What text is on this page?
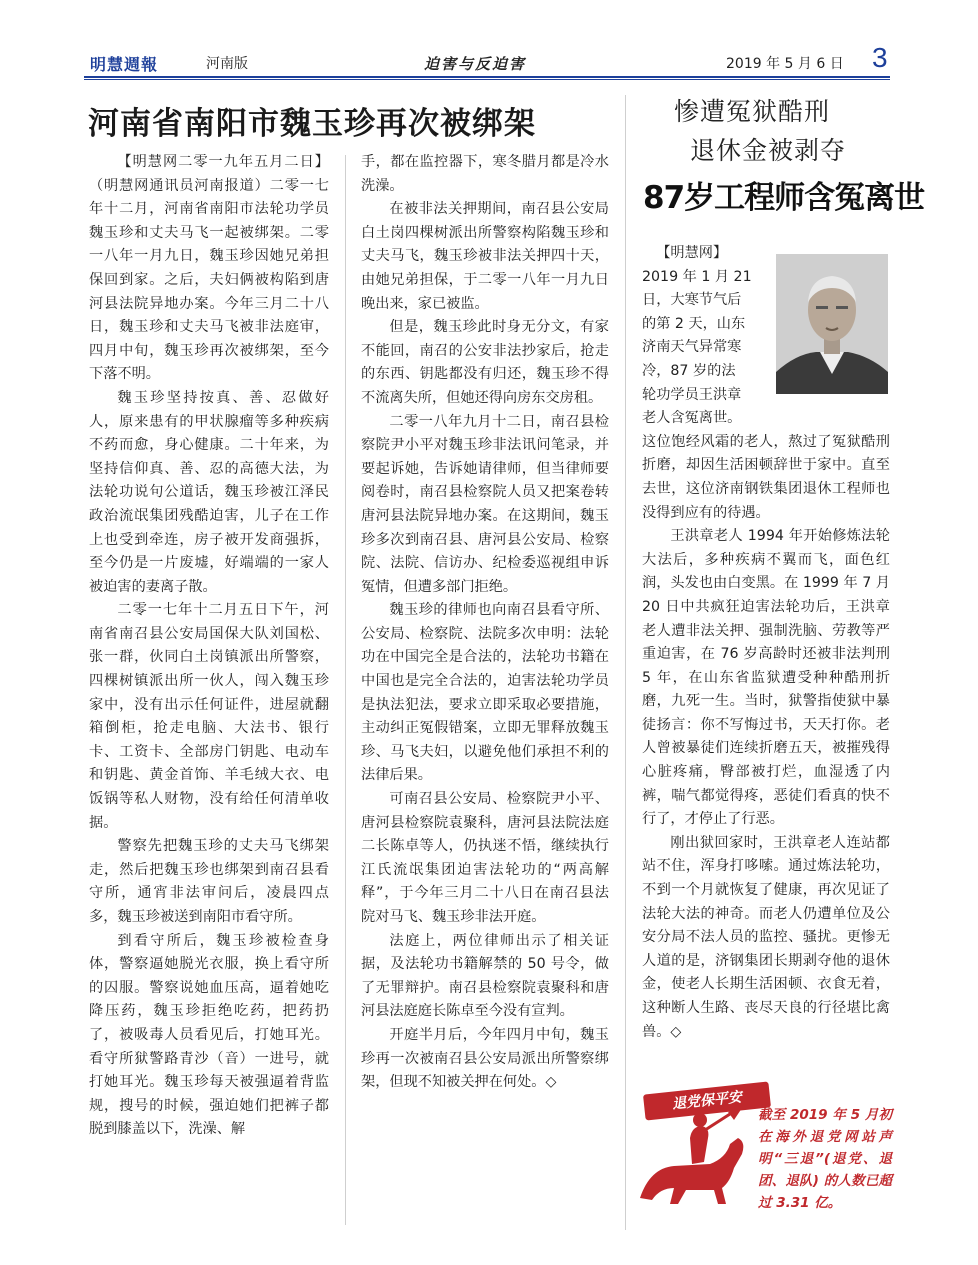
明慧週報	河南版	迫害与反迫害	2019 年 5 月 6 日 3
河南省南阳市魏玉珍再次被绑架

【明慧网二零一九年五月二日】（明慧网通讯员河南报道）二零一七年十二月，河南省南阳市法轮功学员魏玉珍和丈夫马飞一起被绑架。二零一八年一月九日，魏玉珍因她兄弟担保回到家。之后，夫妇俩被构陷到唐河县法院异地办案。今年三月二十八日，魏玉珍和丈夫马飞被非法庭审，四月中旬，魏玉珍再次被绑架，至今下落不明。

魏玉珍坚持按真、善、忍做好人，原来患有的甲状腺瘤等多种疾病不药而愈，身心健康。二十年来，为坚持信仰真、善、忍的高德大法，为法轮功说句公道话，魏玉珍被江泽民政治流氓集团残酷迫害，儿子在工作上也受到牵连，房子被开发商强拆，至今仍是一片废墟，好端端的一家人被迫害的妻离子散。

二零一七年十二月五日下午，河南省南召县公安局国保大队刘国松、张一群，伙同白土岗镇派出所警察，四棵树镇派出所一伙人，闯入魏玉珍家中，没有出示任何证件，进屋就翻箱倒柜，抢走电脑、大法书、银行卡、工资卡、全部房门钥匙、电动车和钥匙、黄金首饰、羊毛绒大衣、电饭锅等私人财物，没有给任何清单收据。

警察先把魏玉珍的丈夫马飞绑架走，然后把魏玉珍也绑架到南召县看守所，通宵非法审问后，凌晨四点多，魏玉珍被送到南阳市看守所。

到看守所后，魏玉珍被检查身体，警察逼她脱光衣服，换上看守所的囚服。警察说她血压高，逼着她吃降压药，魏玉珍拒绝吃药，把药扔了，被吸毒人员看见后，打她耳光。看守所狱警路青沙（音）一进号，就打她耳光。魏玉珍每天被强逼着背监规，搜号的时候，强迫她们把裤子都脱到膝盖以下，洗澡、解

手，都在监控器下，寒冬腊月都是冷水洗澡。

在被非法关押期间，南召县公安局白土岗四棵树派出所警察构陷魏玉珍和丈夫马飞，魏玉珍被非法关押四十天，由她兄弟担保，于二零一八年一月九日晚出来，家已被监。

但是，魏玉珍此时身无分文，有家不能回，南召的公安非法抄家后，抢走的东西、钥匙都没有归还，魏玉珍不得不流离失所，但她还得向房东交房租。

二零一八年九月十二日，南召县检察院尹小平对魏玉珍非法讯问笔录，并要起诉她，告诉她请律师，但当律师要阅卷时，南召县检察院人员又把案卷转唐河县法院异地办案。在这期间，魏玉珍多次到南召县、唐河县公安局、检察院、法院、信访办、纪检委巡视组申诉冤情，但遭多部门拒绝。

魏玉珍的律师也向南召县看守所、公安局、检察院、法院多次申明：法轮功在中国完全是合法的，法轮功书籍在中国也是完全合法的，迫害法轮功学员是执法犯法，要求立即采取必要措施，主动纠正冤假错案，立即无罪释放魏玉珍、马飞夫妇，以避免他们承担不利的法律后果。

可南召县公安局、检察院尹小平、唐河县检察院袁聚科，唐河县法院法庭二长陈卓等人，仍执迷不悟，继续执行江氏流氓集团迫害法轮功的“两高解释”，于今年三月二十八日在南召县法院对马飞、魏玉珍非法开庭。

法庭上，两位律师出示了相关证据，及法轮功书籍解禁的 50 号令，做了无罪辩护。南召县检察院袁聚科和唐河县法庭庭长陈卓至今没有宣判。

开庭半月后，今年四月中旬，魏玉珍再一次被南召县公安局派出所警察绑架，但现不知被关押在何处。◇

惨遭冤狱酷刑
退休金被剥夺
87岁工程师含冤离世
【明慧网】
2019 年 1 月 21
日，大寒节气后
的第 2 天，山东
济南天气异常寒
冷，87 岁的法
轮功学员王洪章
老人含冤离世。

这位饱经风霜的老人，熬过了冤狱酷刑折磨，却因生活困顿辞世于家中。直至去世，这位济南钢铁集团退休工程师也没得到应有的待遇。

王洪章老人 1994 年开始修炼法轮大法后，多种疾病不翼而飞，面色红润，头发也由白变黑。在 1999 年 7 月 20 日中共疯狂迫害法轮功后，王洪章老人遭非法关押、强制洗脑、劳教等严重迫害，在 76 岁高龄时还被非法判刑 5 年，在山东省监狱遭受种种酷刑折磨，九死一生。当时，狱警指使狱中暴徒扬言：你不写悔过书，天天打你。老人曾被暴徒们连续折磨五天，被摧残得心脏疼痛，臀部被打烂，血湿透了内裤，喘气都觉得疼，恶徒们看真的快不行了，才停止了行恶。

刚出狱回家时，王洪章老人连站都站不住，浑身打哆嗦。通过炼法轮功，不到一个月就恢复了健康，再次见证了法轮大法的神奇。而老人仍遭单位及公安分局不法人员的监控、骚扰。更惨无人道的是，济钢集团长期剥夺他的退休金，使老人长期生活困顿、衣食无着，这种断人生路、丧尽天良的行径堪比禽兽。◇

退党保平安
截至 2019 年 5 月初在海外退党网站声明“三退”(退党、退团、退队) 的人数已超过 3.31 亿。
